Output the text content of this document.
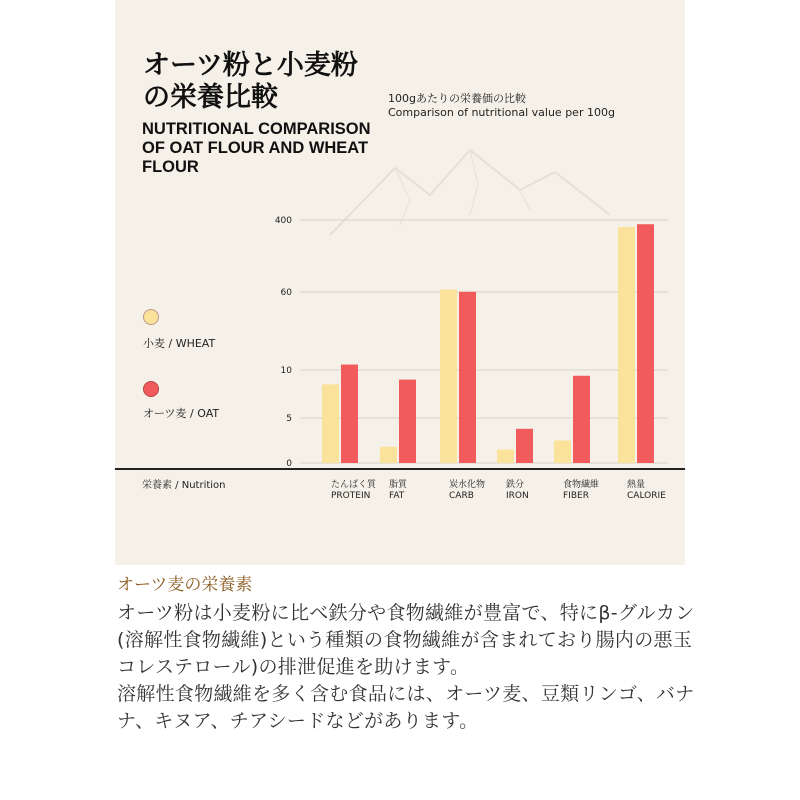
オーツ粉と小麦粉
の栄養比較
NUTRITIONAL COMPARISON OF OAT FLOUR AND WHEAT FLOUR
100gあたりの栄養価の比較
Comparison of nutritional value per 100g
400
60
10
5
0
たんぱく質
PROTEIN
脂質
FAT
炭水化物
CARB
鉄分
IRON
食物繊維
FIBER
熱量
CALORIE
栄養素 / Nutrition
小麦 / WHEAT
オーツ麦 / OAT
オーツ麦の栄養素

オーツ粉は小麦粉に比べ鉄分や食物繊維が豊富で、特にβ-グルカン(溶解性食物繊維)という種類の食物繊維が含まれており腸内の悪玉コレステロール)の排泄促進を助けます。

溶解性食物繊維を多く含む食品には、オーツ麦、豆類リンゴ、バナナ、キヌア、チアシードなどがあります。
